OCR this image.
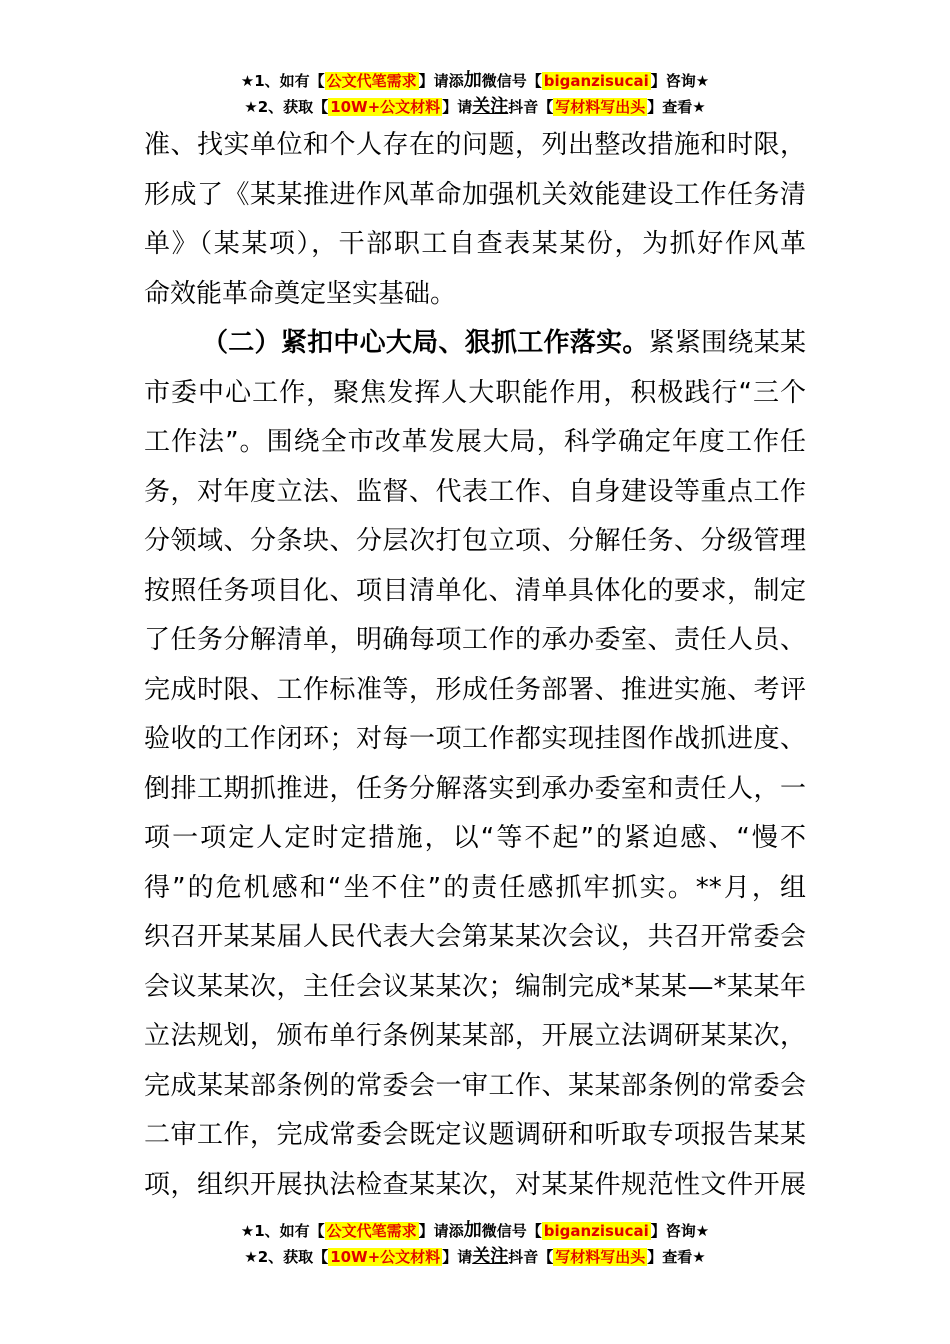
★1、如有【 公文代笔需求 】请添加微信号【 biganzisucai 】咨询★
★2、获取【 10W+公文材料 】请关注抖音【 写材料写出头 】查看★
准、找实单位和个人存在的问题，列出整改措施和时限，
形成了《某某推进作风革命加强机关效能建设工作任务清
单》（某某项），干部职工自查表某某份，为抓好作风革
命效能革命奠定坚实基础。
（二）紧扣中心大局、狠抓工作落实。紧紧围绕某某
市委中心工作，聚焦发挥人大职能作用，积极践行“三个
工作法”。围绕全市改革发展大局，科学确定年度工作任
务，对年度立法、监督、代表工作、自身建设等重点工作
分领域、分条块、分层次打包立项、分解任务、分级管理
按照任务项目化、项目清单化、清单具体化的要求，制定
了任务分解清单，明确每项工作的承办委室、责任人员、
完成时限、工作标准等，形成任务部署、推进实施、考评
验收的工作闭环；对每一项工作都实现挂图作战抓进度、
倒排工期抓推进，任务分解落实到承办委室和责任人，一
项一项定人定时定措施，以“等不起”的紧迫感、“慢不
得”的危机感和“坐不住”的责任感抓牢抓实。**月，组
织召开某某届人民代表大会第某某次会议，共召开常委会
会议某某次，主任会议某某次；编制完成*某某—*某某年
立法规划，颁布单行条例某某部，开展立法调研某某次，
完成某某部条例的常委会一审工作、某某部条例的常委会
二审工作，完成常委会既定议题调研和听取专项报告某某
项，组织开展执法检查某某次，对某某件规范性文件开展
★1、如有【 公文代笔需求 】请添加微信号【 biganzisucai 】咨询★
★2、获取【 10W+公文材料 】请关注抖音【 写材料写出头 】查看★
